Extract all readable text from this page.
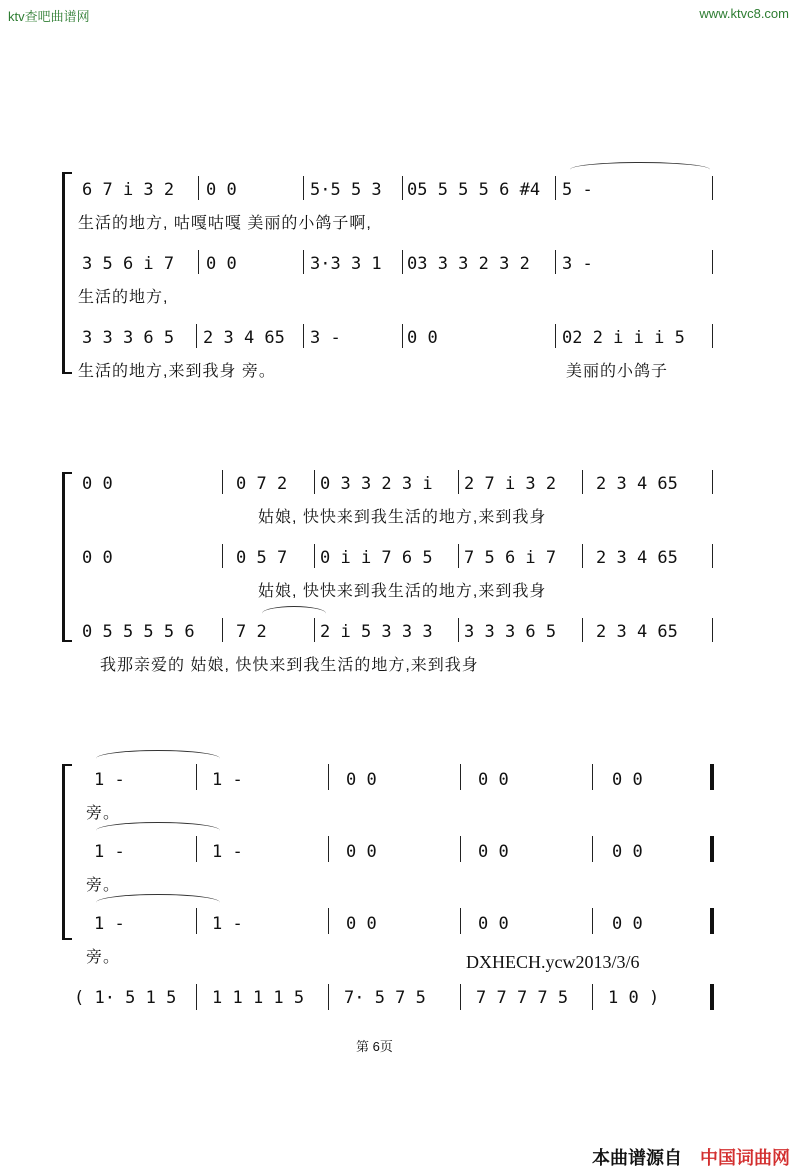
ktv查吧曲谱网	www.ktvc8.com
6 7 i 3 2 0 0	5·5 5 3 05 5 5 5 6 #4 5 -
生活的地方, 咕嘎咕嘎 美丽的小鸽子啊,
3 5 6 i 7 0 0	3·3 3 1 03 3 3 2 3 2 3 -
生活的地方,
3 3 3 6 5 2 3 4 65 3 -	0 0	02 2 i i i 5
生活的地方,来到我身 旁。	美丽的小鸽子
0 0	0 7 2 0 3 3 2 3 i 2 7 i 3 2 2 3 4 65
姑娘, 快快来到我生活的地方,来到我身
0 0	0 5 7 0 i i 7 6 5 7 5 6 i 7 2 3 4 65
姑娘, 快快来到我生活的地方,来到我身
0 5 5 5 5 6 7 2	2 i 5 3 3 3 3 3 3 6 5 2 3 4 65
我那亲爱的 姑娘, 快快来到我生活的地方,来到我身
1 -	1 -	0 0	0 0	0 0
旁。
1 -	1 -	0 0	0 0	0 0
旁。
1 -	1 -	0 0	0 0	0 0
旁。	DXHECH.ycw2013/3/6
( 1· 5 1 5 1 1 1 1 5 7· 5 7 5	7 7 7 7 5 1 0 )
第 6页
本曲谱源自 中国词曲网
